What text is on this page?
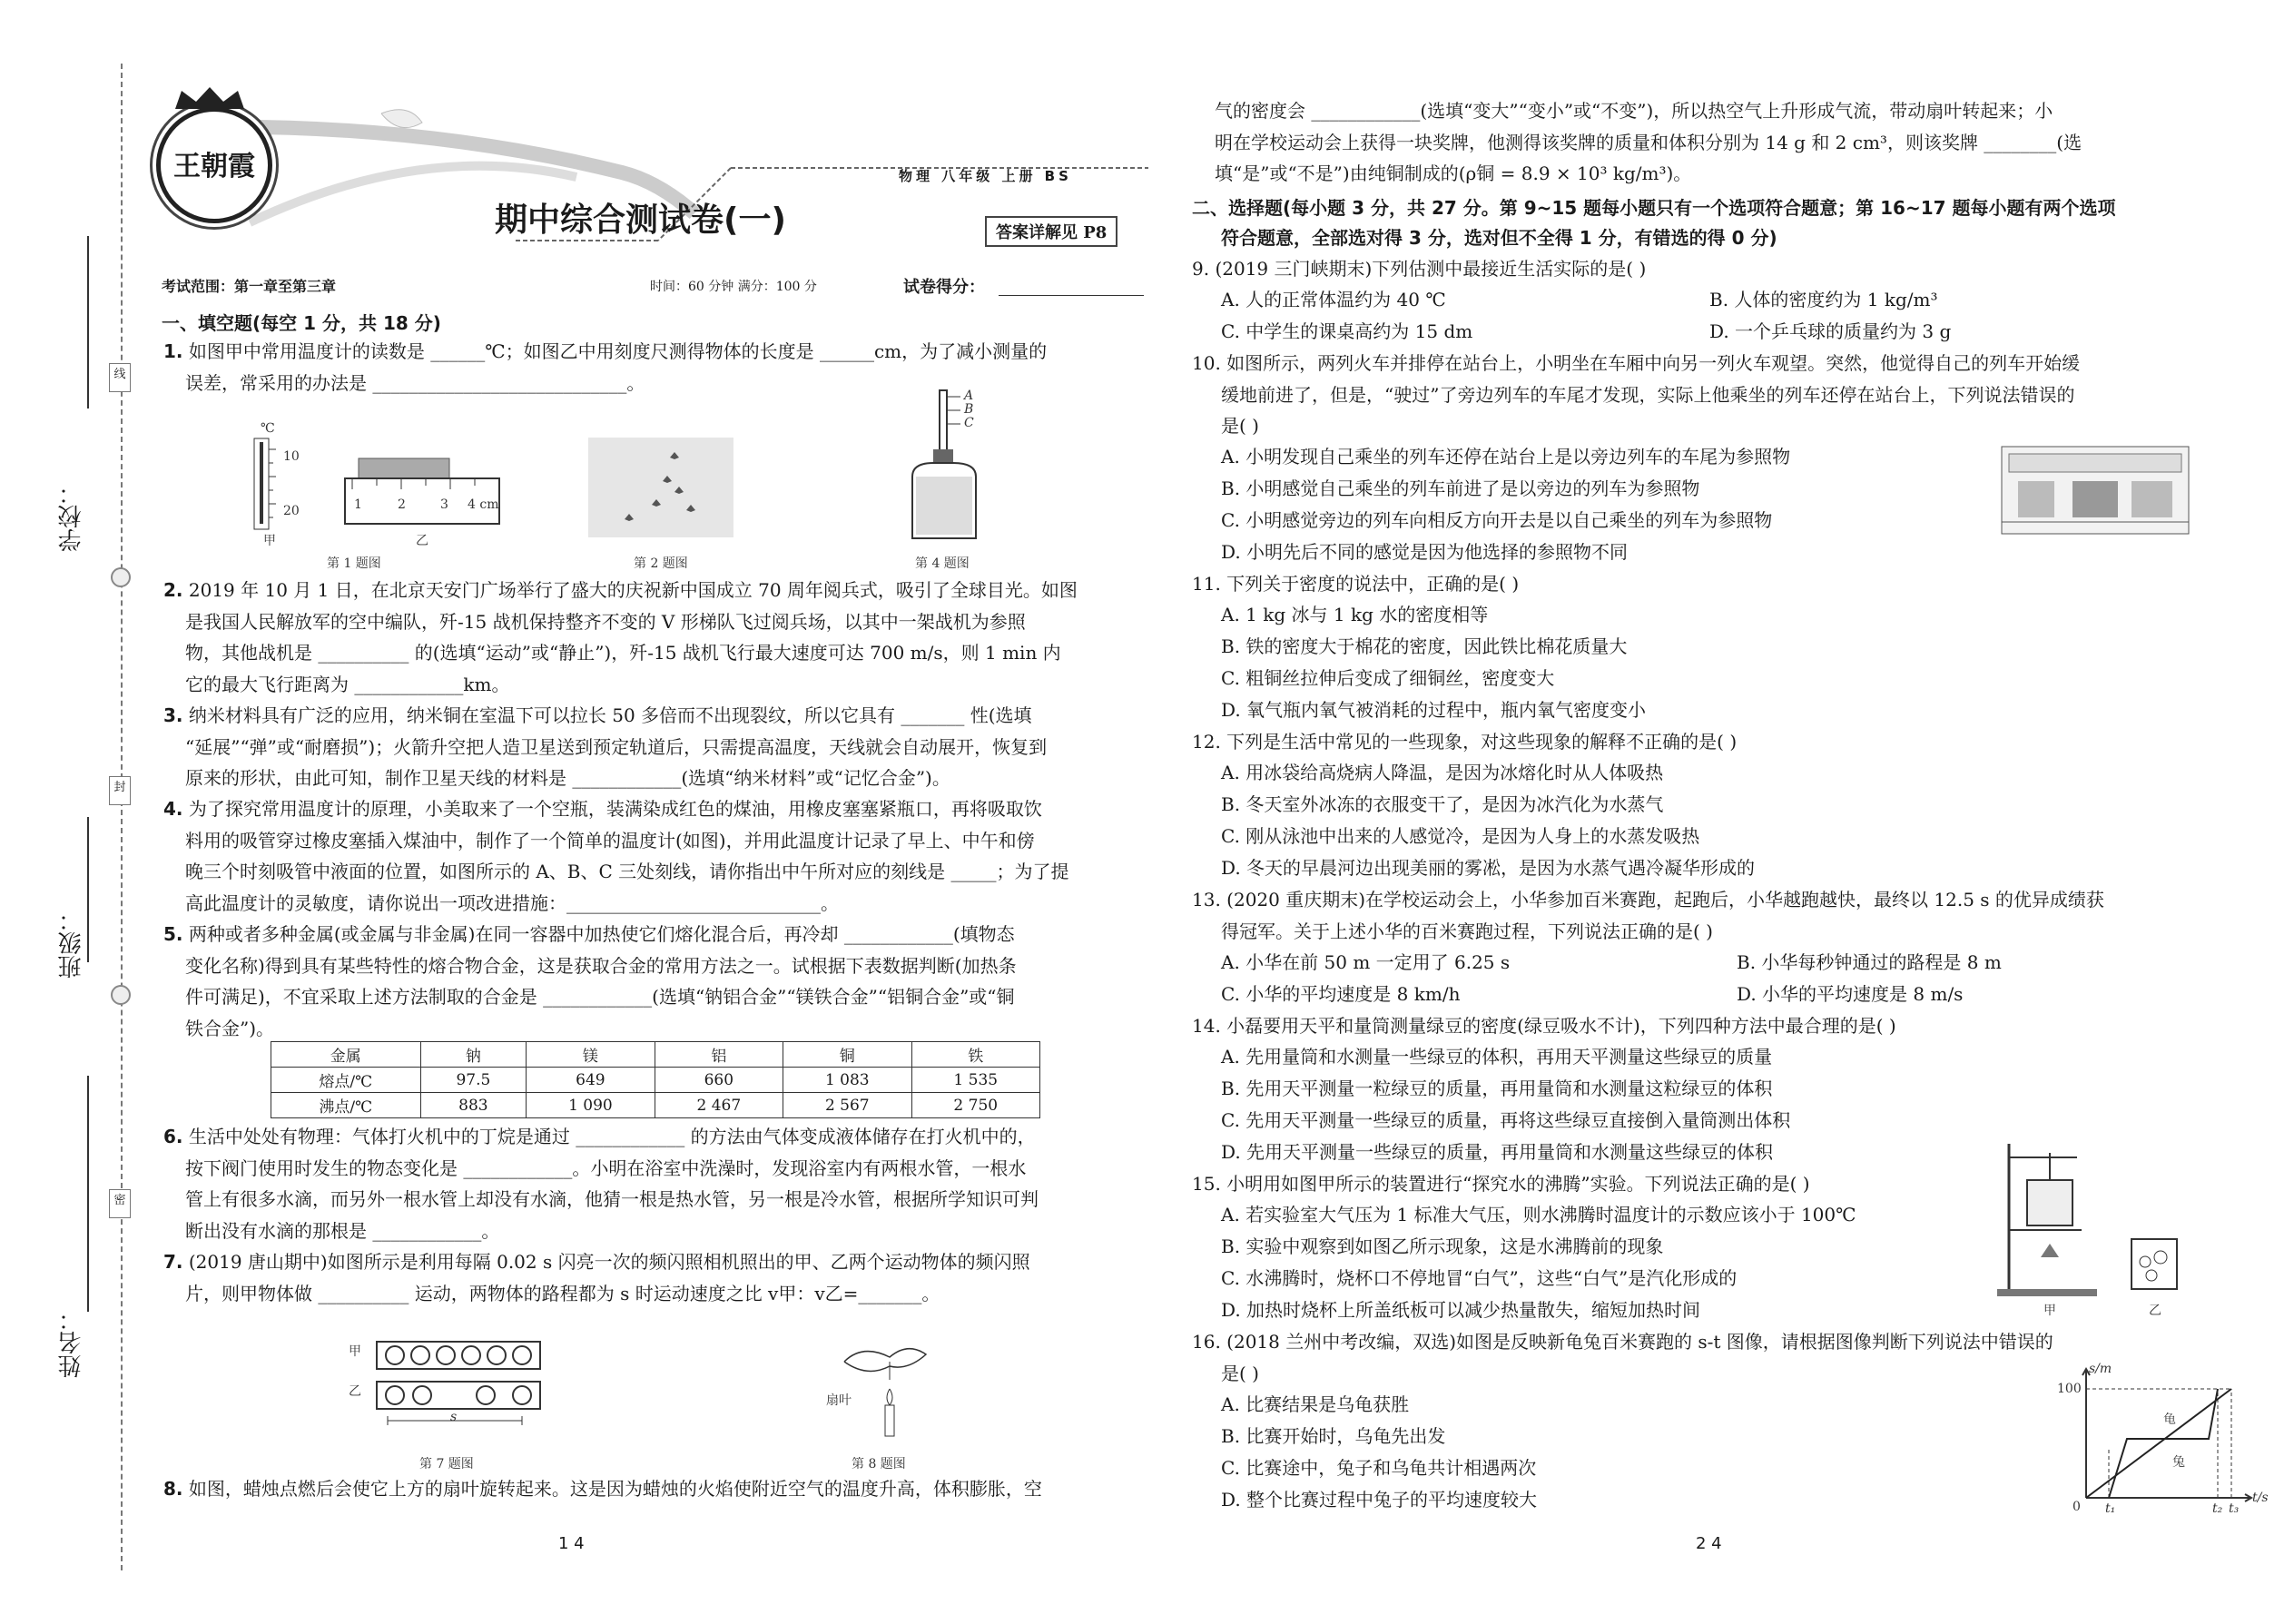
学校：
班级：
姓名：
线
封
密
王朝霞	物理 八年级 上册 BS
期中综合测试卷(一)	答案详解见 P8
考试范围：第一章至第三章	时间：60 分钟 满分：100 分	试卷得分：
一、填空题(每空 1 分，共 18 分)
1. 如图甲中常用温度计的读数是 ______℃；如图乙中用刻度尺测得物体的长度是 ______cm，为了减小测量的
误差，常采用的办法是 ____________________________。
℃
10
20
甲	乙
1	2	3 4 cm
第 1 题图	第 2 题图
A
B
C
第 4 题图
2. 2019 年 10 月 1 日，在北京天安门广场举行了盛大的庆祝新中国成立 70 周年阅兵式，吸引了全球目光。如图
是我国人民解放军的空中编队，歼-15 战机保持整齐不变的 V 形梯队飞过阅兵场，以其中一架战机为参照
物，其他战机是 __________ 的(选填“运动”或“静止”)，歼-15 战机飞行最大速度可达 700 m/s，则 1 min 内
它的最大飞行距离为 ____________km。
3. 纳米材料具有广泛的应用，纳米铜在室温下可以拉长 50 多倍而不出现裂纹，所以它具有 _______ 性(选填
“延展”“弹”或“耐磨损”)；火箭升空把人造卫星送到预定轨道后，只需提高温度，天线就会自动展开，恢复到
原来的形状，由此可知，制作卫星天线的材料是 ____________(选填“纳米材料”或“记忆合金”)。
4. 为了探究常用温度计的原理，小美取来了一个空瓶，装满染成红色的煤油，用橡皮塞塞紧瓶口，再将吸取饮
料用的吸管穿过橡皮塞插入煤油中，制作了一个简单的温度计(如图)，并用此温度计记录了早上、中午和傍
晚三个时刻吸管中液面的位置，如图所示的 A、B、C 三处刻线，请你指出中午所对应的刻线是 _____；为了提
高此温度计的灵敏度，请你说出一项改进措施：____________________________。
5. 两种或者多种金属(或金属与非金属)在同一容器中加热使它们熔化混合后，再冷却 ____________(填物态
变化名称)得到具有某些特性的熔合物合金，这是获取合金的常用方法之一。试根据下表数据判断(加热条
件可满足)，不宜采取上述方法制取的合金是 ____________(选填“钠铝合金”“镁铁合金”“铝铜合金”或“铜
铁合金”)。
金属	钠	镁	铝	铜	铁
熔点/℃	97.5	649	660	1 083	1 535
沸点/℃	883	1 090	2 467	2 567	2 750
6. 生活中处处有物理：气体打火机中的丁烷是通过 ____________ 的方法由气体变成液体储存在打火机中的，
按下阀门使用时发生的物态变化是 ____________。小明在浴室中洗澡时，发现浴室内有两根水管，一根水
管上有很多水滴，而另外一根水管上却没有水滴，他猜一根是热水管，另一根是冷水管，根据所学知识可判
断出没有水滴的那根是 ____________。
7. (2019 唐山期中)如图所示是利用每隔 0.02 s 闪亮一次的频闪照相机照出的甲、乙两个运动物体的频闪照
片，则甲物体做 __________ 运动，两物体的路程都为 s 时运动速度之比 v甲：v乙=_______。
甲
乙
s
第 7 题图
扇叶
第 8 题图
8. 如图，蜡烛点燃后会使它上方的扇叶旋转起来。这是因为蜡烛的火焰使附近空气的温度升高，体积膨胀，空
1 4
气的密度会 ____________(选填“变大”“变小”或“不变”)，所以热空气上升形成气流，带动扇叶转起来；小
明在学校运动会上获得一块奖牌，他测得该奖牌的质量和体积分别为 14 g 和 2 cm³，则该奖牌 ________(选
填“是”或“不是”)由纯铜制成的(ρ铜 = 8.9 × 10³ kg/m³)。
二、选择题(每小题 3 分，共 27 分。第 9~15 题每小题只有一个选项符合题意；第 16~17 题每小题有两个选项
符合题意，全部选对得 3 分，选对但不全得 1 分，有错选的得 0 分)
9. (2019 三门峡期末)下列估测中最接近生活实际的是( )
A. 人的正常体温约为 40 ℃	B. 人体的密度约为 1 kg/m³
C. 中学生的课桌高约为 15 dm	D. 一个乒乓球的质量约为 3 g
10. 如图所示，两列火车并排停在站台上，小明坐在车厢中向另一列火车观望。突然，他觉得自己的列车开始缓
缓地前进了，但是，“驶过”了旁边列车的车尾才发现，实际上他乘坐的列车还停在站台上，下列说法错误的
是( )
A. 小明发现自己乘坐的列车还停在站台上是以旁边列车的车尾为参照物
B. 小明感觉自己乘坐的列车前进了是以旁边的列车为参照物
C. 小明感觉旁边的列车向相反方向开去是以自己乘坐的列车为参照物
D. 小明先后不同的感觉是因为他选择的参照物不同
11. 下列关于密度的说法中，正确的是( )
A. 1 kg 冰与 1 kg 水的密度相等
B. 铁的密度大于棉花的密度，因此铁比棉花质量大
C. 粗铜丝拉伸后变成了细铜丝，密度变大
D. 氧气瓶内氧气被消耗的过程中，瓶内氧气密度变小
12. 下列是生活中常见的一些现象，对这些现象的解释不正确的是( )
A. 用冰袋给高烧病人降温，是因为冰熔化时从人体吸热
B. 冬天室外冰冻的衣服变干了，是因为冰汽化为水蒸气
C. 刚从泳池中出来的人感觉冷，是因为人身上的水蒸发吸热
D. 冬天的早晨河边出现美丽的雾凇，是因为水蒸气遇冷凝华形成的
13. (2020 重庆期末)在学校运动会上，小华参加百米赛跑，起跑后，小华越跑越快，最终以 12.5 s 的优异成绩获
得冠军。关于上述小华的百米赛跑过程，下列说法正确的是( )
A. 小华在前 50 m 一定用了 6.25 s	B. 小华每秒钟通过的路程是 8 m
C. 小华的平均速度是 8 km/h	D. 小华的平均速度是 8 m/s
14. 小磊要用天平和量筒测量绿豆的密度(绿豆吸水不计)，下列四种方法中最合理的是( )
A. 先用量筒和水测量一些绿豆的体积，再用天平测量这些绿豆的质量
B. 先用天平测量一粒绿豆的质量，再用量筒和水测量这粒绿豆的体积
C. 先用天平测量一些绿豆的质量，再将这些绿豆直接倒入量筒测出体积
D. 先用天平测量一些绿豆的质量，再用量筒和水测量这些绿豆的体积
15. 小明用如图甲所示的装置进行“探究水的沸腾”实验。下列说法正确的是( )
A. 若实验室大气压为 1 标准大气压，则水沸腾时温度计的示数应该小于 100℃
B. 实验中观察到如图乙所示现象，这是水沸腾前的现象
C. 水沸腾时，烧杯口不停地冒“白气”，这些“白气”是汽化形成的
D. 加热时烧杯上所盖纸板可以减少热量散失，缩短加热时间	甲	乙
16. (2018 兰州中考改编，双选)如图是反映新龟兔百米赛跑的 s-t 图像，请根据图像判断下列说法中错误的
是( )
A. 比赛结果是乌龟获胜
B. 比赛开始时，乌龟先出发
C. 比赛途中，兔子和乌龟共计相遇两次
D. 整个比赛过程中兔子的平均速度较大
s/m
100
t/s
0 t₁	t₂ t₃
龟
兔
2 4
